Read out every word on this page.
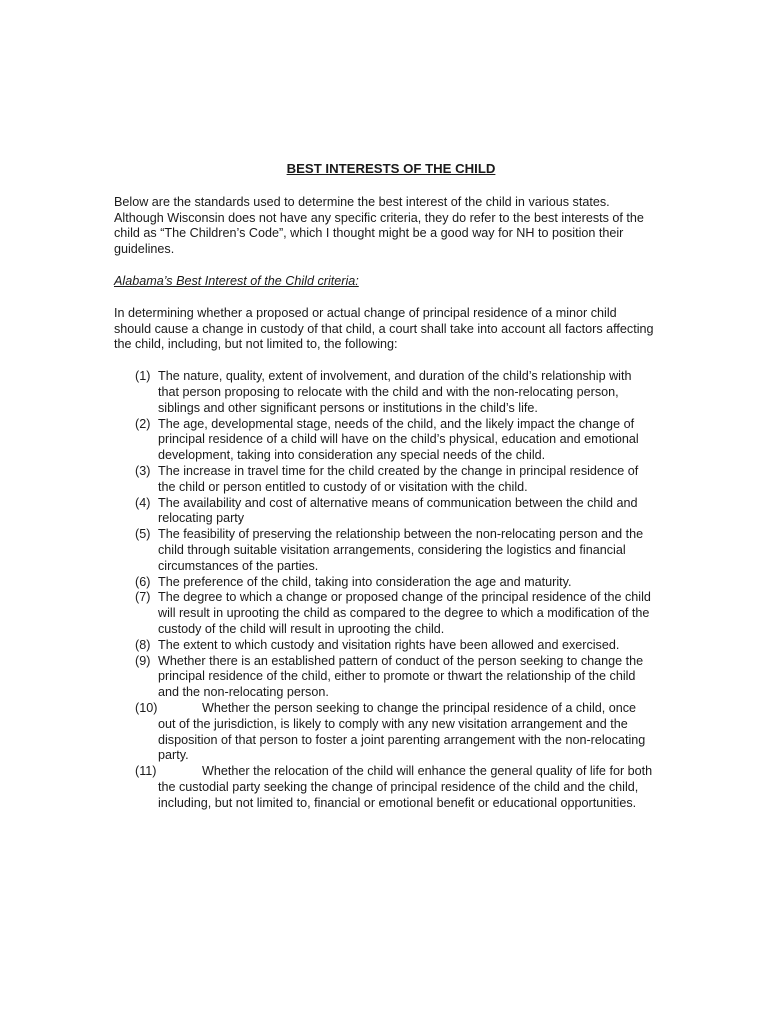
BEST INTERESTS OF THE CHILD

Below are the standards used to determine the best interest of the child in various states. Although Wisconsin does not have any specific criteria, they do refer to the best interests of the child as “The Children’s Code”, which I thought might be a good way for NH to position their guidelines.

Alabama’s Best Interest of the Child criteria:

In determining whether a proposed or actual change of principal residence of a minor child should cause a change in custody of that child, a court shall take into account all factors affecting the child, including, but not limited to, the following:

(1) The nature, quality, extent of involvement, and duration of the child’s relationship with that person proposing to relocate with the child and with the non-relocating person, siblings and other significant persons or institutions in the child’s life.
(2) The age, developmental stage, needs of the child, and the likely impact the change of principal residence of a child will have on the child’s physical, education and emotional development, taking into consideration any special needs of the child.
(3) The increase in travel time for the child created by the change in principal residence of the child or person entitled to custody of or visitation with the child.
(4) The availability and cost of alternative means of communication between the child and relocating party
(5) The feasibility of preserving the relationship between the non-relocating person and the child through suitable visitation arrangements, considering the logistics and financial circumstances of the parties.
(6) The preference of the child, taking into consideration the age and maturity.
(7) The degree to which a change or proposed change of the principal residence of the child will result in uprooting the child as compared to the degree to which a modification of the custody of the child will result in uprooting the child.
(8) The extent to which custody and visitation rights have been allowed and exercised.
(9) Whether there is an established pattern of conduct of the person seeking to change the principal residence of the child, either to promote or thwart the relationship of the child and the non-relocating person.
(10)	Whether the person seeking to change the principal residence of a child, once out of the jurisdiction, is likely to comply with any new visitation arrangement and the disposition of that person to foster a joint parenting arrangement with the non-relocating party.
(11)	Whether the relocation of the child will enhance the general quality of life for both the custodial party seeking the change of principal residence of the child and the child, including, but not limited to, financial or emotional benefit or educational opportunities.
